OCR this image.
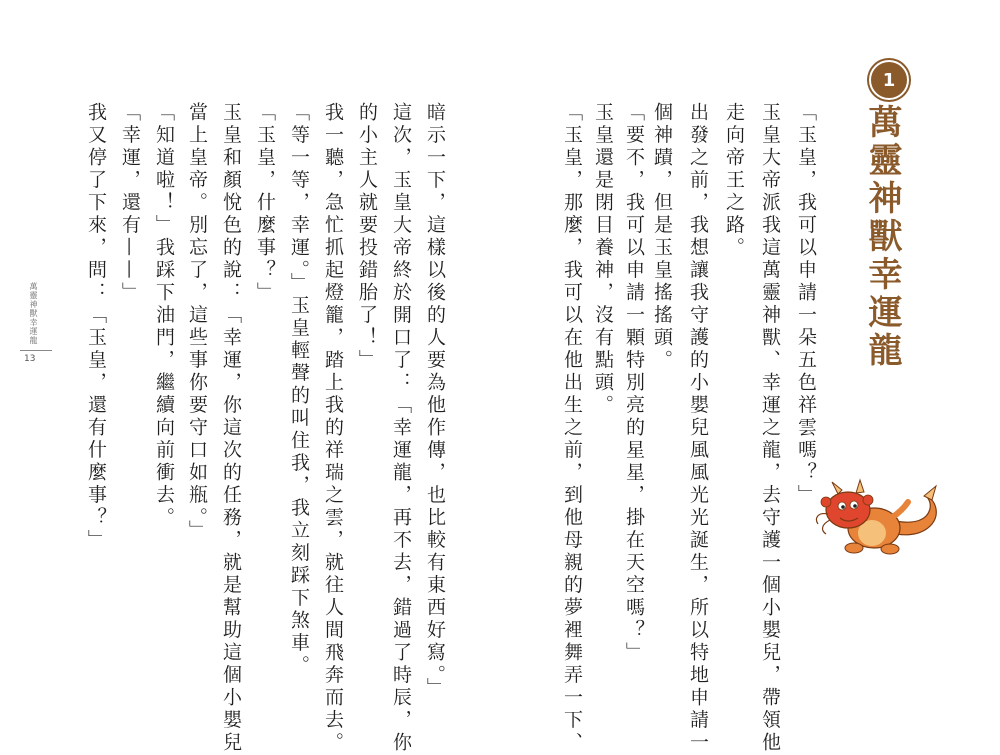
1
萬靈神獸幸運龍
「玉皇，我可以申請一朵五色祥雲嗎？」
玉皇大帝派我這萬靈神獸、幸運之龍，去守護一個小嬰兒，帶領他
走向帝王之路。
出發之前，我想讓我守護的小嬰兒風風光光誕生，所以特地申請一
個神蹟，但是玉皇搖搖頭。
「要不，我可以申請一顆特別亮的星星，掛在天空嗎？」
玉皇還是閉目養神，沒有點頭。
「玉皇，那麼，我可以在他出生之前，到他母親的夢裡舞弄一下、
暗示一下，這樣以後的人要為他作傳，也比較有東西好寫。」
這次，玉皇大帝終於開口了：「幸運龍，再不去，錯過了時辰，你
的小主人就要投錯胎了！」
我一聽，急忙抓起燈籠，踏上我的祥瑞之雲，就往人間飛奔而去。
「等一等，幸運。」玉皇輕聲的叫住我，我立刻踩下煞車。
「玉皇，什麼事？」
玉皇和顏悅色的說：「幸運，你這次的任務，就是幫助這個小嬰兒
當上皇帝。別忘了，這些事你要守口如瓶。」
「知道啦！」我踩下油門，繼續向前衝去。
「幸運，還有——」
我又停了下來，問：「玉皇，還有什麼事？」
萬靈神獸幸運龍
13
